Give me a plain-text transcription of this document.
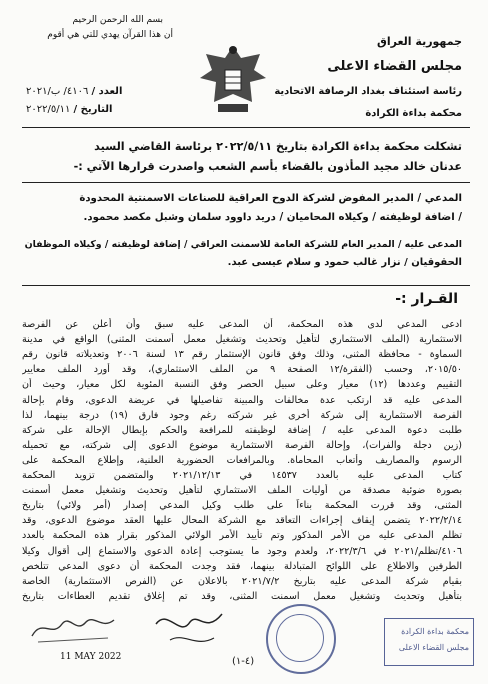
بسم الله الرحمن الرحيم
أن هذا القرآن يهدي للتي هي أقوم	جمهورية العراق
مجلس القضاء الاعلى
رئاسة استئناف بغداد الرصافة الاتحادية
محكمة بداءة الكرادة
العدد / ٤١٠٦/ ب/٢٠٢١
التاريخ / ٢٠٢٢/٥/١١
تشكلت محكمة بداءة الكرادة بتاريخ ٢٠٢٢/٥/١١ برئاسة القاضي السيد
عدنان خالد مجيد المأذون بالقضاء بأسم الشعب واصدرت قرارها الآتي :-
المدعي / المدير المفوض لشركة الدوح العراقية للصناعات الاسمنتية المحدودة
/ اضافة لوظيفته / وكيلاه المحاميان / دريد داوود سلمان وشبل مكصد محمود.
المدعى عليه / المدير العام للشركة العامة للاسمنت العراقي / إضافة لوظيفته / وكيلاه الموظفان
الحقوقيان / نزار غالب حمود و سلام عيسى عبد.
القـرار :-
ادعى المدعي لدى هذه المحكمة، أن المدعى عليه سبق وأن أعلن عن الفرصة
الاستثمارية (الملف الاستثماري لتأهيل وتحديث وتشغيل معمل أسمنت المثنى) الواقع في مدينة
السماوة - محافظة المثنى، وذلك وفق قانون الإستثمار رقم ١٣ لسنة ٢٠٠٦ وتعديلاته قانون رقم
٢٠١٥/٥٠، وحسب (الفقرة/١٢ الصفحة ٩ من الملف الاستثماري)، وقد أورد الملف معايير
التقييم وعددها (١٢) معيار وعلى سبيل الحصر وفق النسبة المئوية لكل معيار، وحيث أن
المدعى عليه قد ارتكب عدة مخالفات والمبينة تفاصيلها في عريضة الدعوى، وقام بإحالة
الفرصة الاستثمارية إلى شركة أخرى غير شركته رغم وجود فارق (١٩) درجة بينهما، لذا
طلبت دعوة المدعى عليه / إضافة لوظيفته للمرافعة والحكم بإبطال الإحالة على شركة
(زين دجلة والفرات)، وإحالة الفرصة الاستثمارية موضوع الدعوى إلى شركته، مع تحميله
الرسوم والمصاريف وأتعاب المحاماة. وبالمرافعات الحضورية العلنية، وإطلاع المحكمة على
كتاب المدعى عليه بالعدد ١٤٥٣٧ في ٢٠٢١/١٢/١٣ والمتضمن تزويد المحكمة
بصورة ضوئية مصدقة من أوليات الملف الاستثماري لتأهيل وتحديث وتشغيل معمل أسمنت
المثنى، وقد قررت المحكمة بناءاً على طلب وكيل المدعي إصدار (أمر ولائي) بتاريخ
٢٠٢٢/٢/١٤ يتضمن إيقاف إجراءات التعاقد مع الشركة المحال عليها العقد موضوع الدعوى، وقد
تظلم المدعى عليه من الأمر المذكور وتم تأييد الأمر الولائي المذكور بقرار هذه المحكمة بالعدد
٤١٠٦/تظلم/٢٠٢١ في ٢٠٢٢/٣/٦، ولعدم وجود ما يستوجب إعادة الدعوى والاستماع إلى أقوال وكيلا
الطرفين والاطلاع على اللوائح المتبادلة بينهما، فقد وجدت المحكمة أن دعوى المدعي تتلخص
بقيام شركة المدعى عليه بتاريخ ٢٠٢١/٧/٢ بالاعلان عن (الفرص الاستثمارية) الخاصة
بتأهيل وتحديث وتشغيل معمل اسمنت المثنى، وقد تم إغلاق تقديم العطاءات بتاريخ
11 MAY 2022	(٤-١)
محكمة بداءة الكرادة
مجلس القضاء الاعلى
